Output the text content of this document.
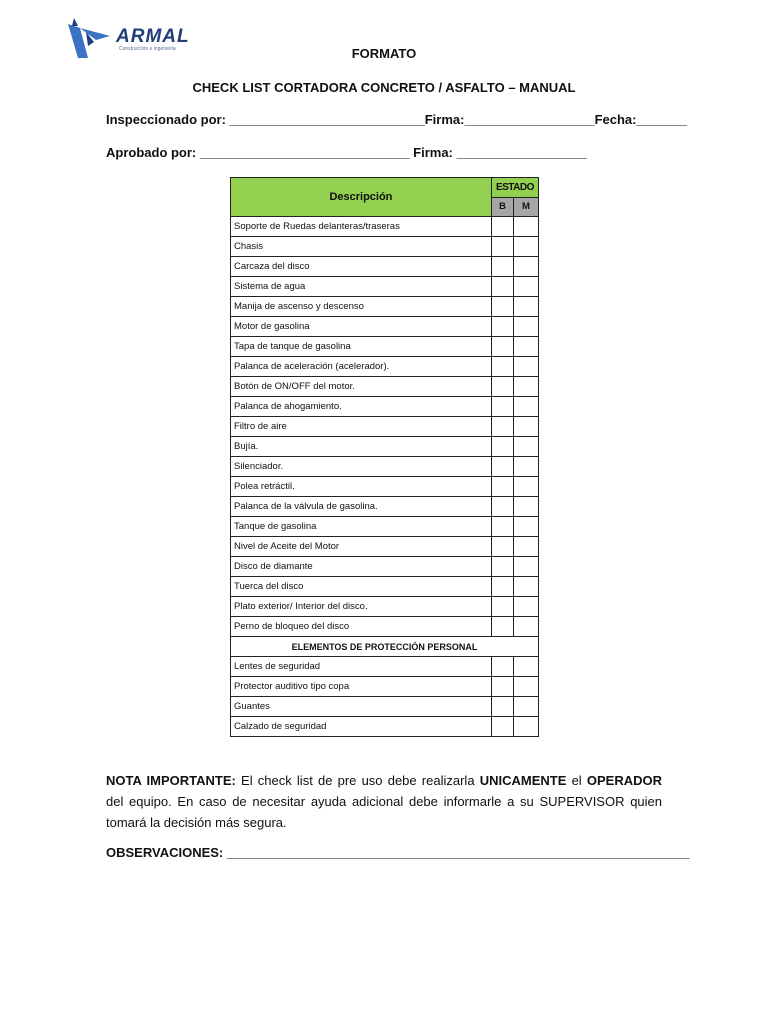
ARMAL
Construcción e ingeniería	FORMATO
CHECK LIST CORTADORA CONCRETO / ASFALTO – MANUAL
Inspeccionado por: ___________________________Firma:__________________Fecha:_______
Aprobado por: _____________________________ Firma: __________________
Descripción	ESTADO	
	B	M
Soporte de Ruedas delanteras/traseras		
Chasis		
Carcaza del disco		
Sistema de agua		
Manija de ascenso y descenso		
Motor de gasolina		
Tapa de tanque de gasolina		
Palanca de aceleración (acelerador).		
Botón de ON/OFF del motor.		
Palanca de ahogamiento.		
Filtro de aire		
Bujía.		
Silenciador.		
Polea retráctil.		
Palanca de la válvula de gasolina.		
Tanque de gasolina		
Nivel de Aceite del Motor		
Disco de diamante		
Tuerca del disco		
Plato exterior/ Interior del disco.		
Perno de bloqueo del disco		
ELEMENTOS DE PROTECCIÓN PERSONAL		
Lentes de seguridad		
Protector auditivo tipo copa		
Guantes		
Calzado de seguridad		
NOTA IMPORTANTE: El check list de pre uso debe realizarla UNICAMENTE el OPERADOR del equipo. En caso de necesitar ayuda adicional debe informarle a su SUPERVISOR quien tomará la decisión más segura.
OBSERVACIONES: ________________________________________________________________
